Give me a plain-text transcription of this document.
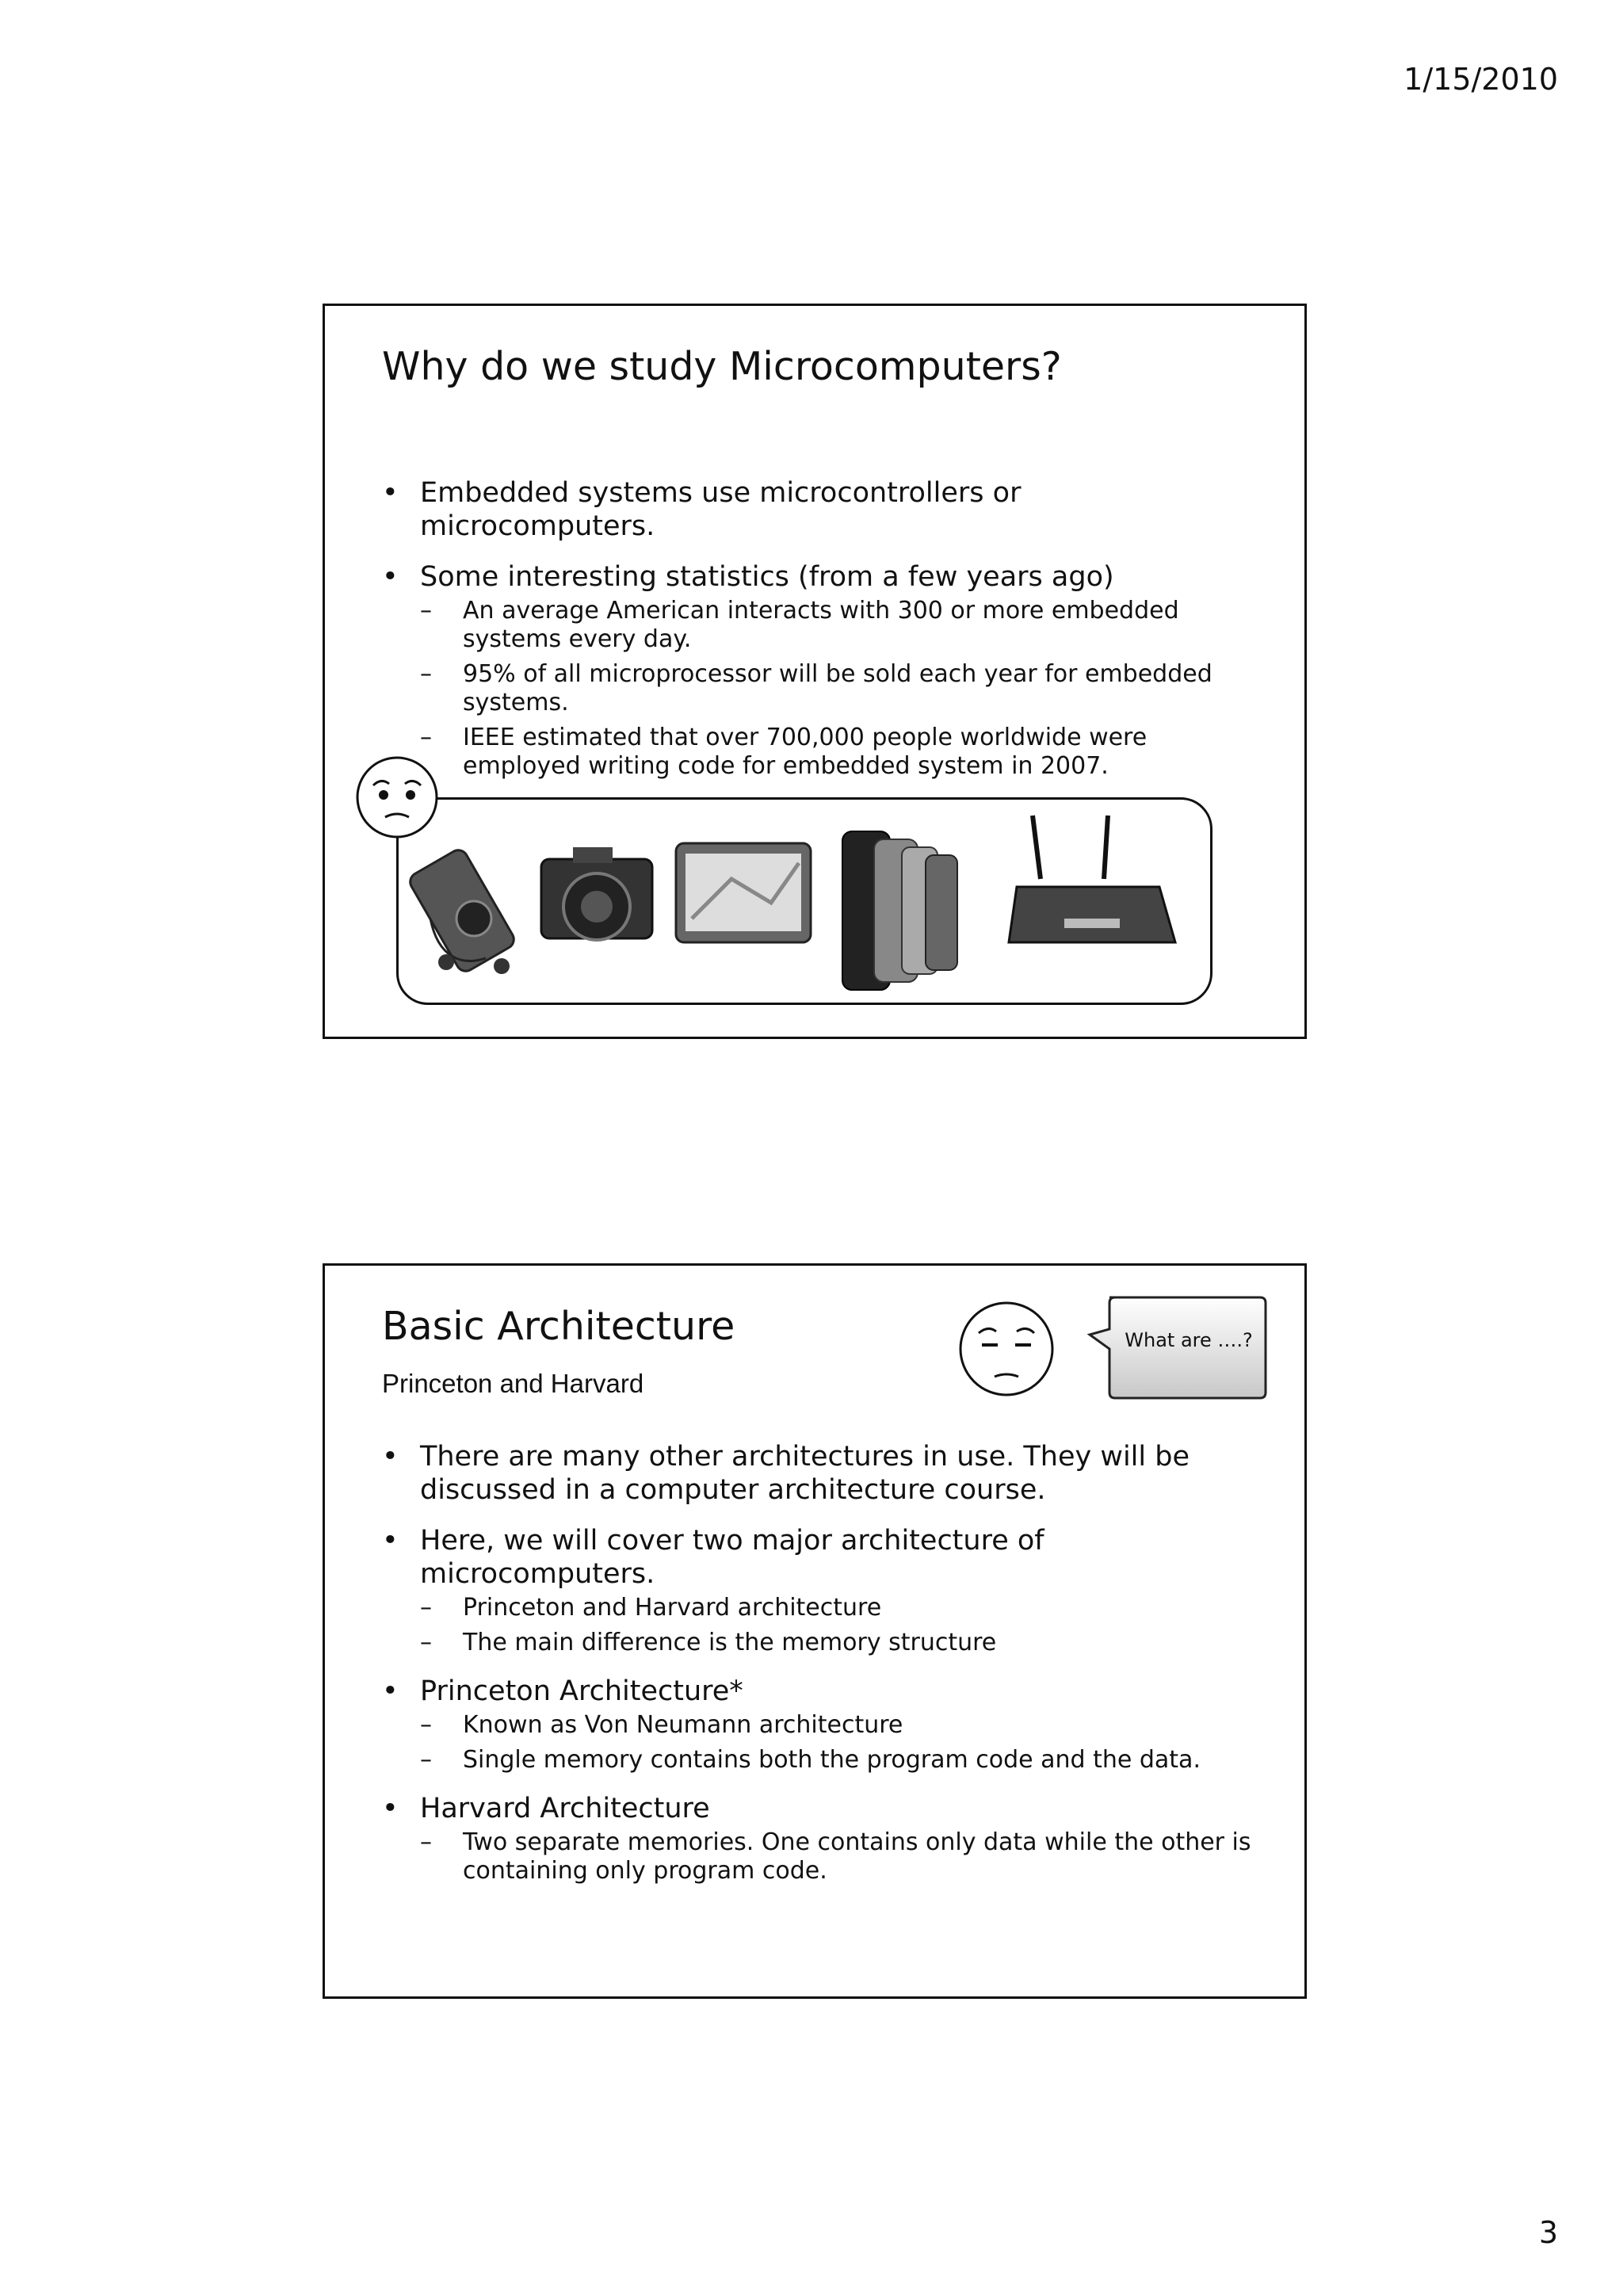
1/15/2010
Why do we study Microcomputers?
• Embedded systems use microcontrollers or microcomputers.
• Some interesting statistics (from a few years ago)
– An average American interacts with 300 or more embedded systems every day.
– 95% of all microprocessor will be sold each year for embedded systems.
– IEEE estimated that over 700,000 people worldwide were employed writing code for embedded system in 2007.
Basic Architecture
Princeton and Harvard
What are ….?
• There are many other architectures in use. They will be discussed in a computer architecture course.
• Here, we will cover two major architecture of microcomputers.
– Princeton and Harvard architecture
– The main difference is the memory structure
• Princeton Architecture*
– Known as Von Neumann architecture
– Single memory contains both the program code and the data.
• Harvard Architecture
– Two separate memories. One contains only data while the other is containing only program code.
3
